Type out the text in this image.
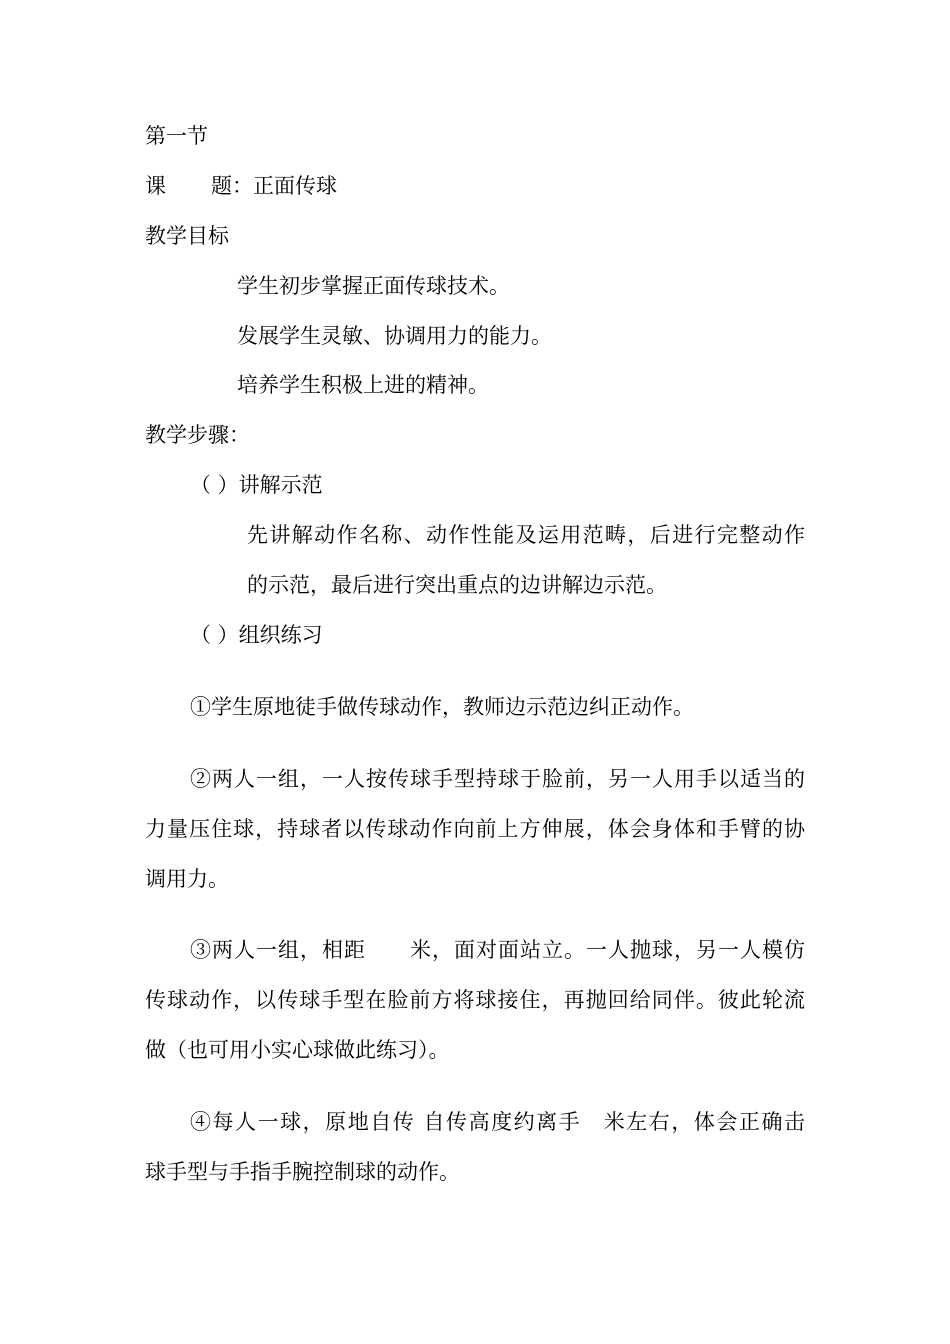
第一节
课 题：正面传球
教学目标
学生初步掌握正面传球技术。
发展学生灵敏、协调用力的能力。
培养学生积极上进的精神。
教学步骤：
（ ）讲解示范
先讲解动作名称、动作性能及运用范畴，后进行完整动作
的示范，最后进行突出重点的边讲解边示范。
（ ）组织练习
①学生原地徒手做传球动作，教师边示范边纠正动作。
②两人一组，一人按传球手型持球于脸前，另一人用手以适当的
力量压住球，持球者以传球动作向前上方伸展，体会身体和手臂的协
调用力。
③两人一组，相距　　米，面对面站立。一人抛球，另一人模仿
传球动作，以传球手型在脸前方将球接住，再抛回给同伴。彼此轮流
做（也可用小实心球做此练习）。
④每人一球，原地自传 自传高度约离手　米左右，体会正确击
球手型与手指手腕控制球的动作。
